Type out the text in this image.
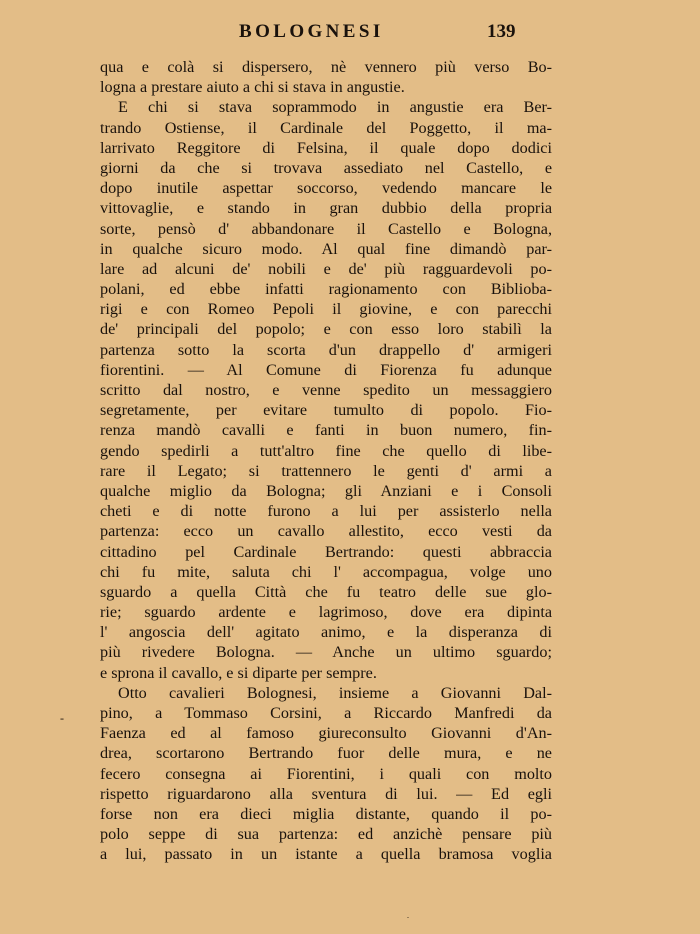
BOLOGNESI	139
qua e colà si dispersero, nè vennero più verso Bo-
logna a prestare aiuto a chi si stava in angustie.
E chi si stava soprammodo in angustie era Ber-
trando Ostiense, il Cardinale del Poggetto, il ma-
larrivato Reggitore di Felsina, il quale dopo dodici
giorni da che si trovava assediato nel Castello, e
dopo inutile aspettar soccorso, vedendo mancare le
vittovaglie, e stando in gran dubbio della propria
sorte, pensò d' abbandonare il Castello e Bologna,
in qualche sicuro modo. Al qual fine dimandò par-
lare ad alcuni de' nobili e de' più ragguardevoli po-
polani, ed ebbe infatti ragionamento con Biblioba-
rigi e con Romeo Pepoli il giovine, e con parecchi
de' principali del popolo; e con esso loro stabilì la
partenza sotto la scorta d'un drappello d' armigeri
fiorentini. — Al Comune di Fiorenza fu adunque
scritto dal nostro, e venne spedito un messaggiero
segretamente, per evitare tumulto di popolo. Fio-
renza mandò cavalli e fanti in buon numero, fin-
gendo spedirli a tutt'altro fine che quello di libe-
rare il Legato; si trattennero le genti d' armi a
qualche miglio da Bologna; gli Anziani e i Consoli
cheti e di notte furono a lui per assisterlo nella
partenza: ecco un cavallo allestito, ecco vesti da
cittadino pel Cardinale Bertrando: questi abbraccia
chi fu mite, saluta chi l' accompagua, volge uno
sguardo a quella Città che fu teatro delle sue glo-
rie; sguardo ardente e lagrimoso, dove era dipinta
l' angoscia dell' agitato animo, e la disperanza di
più rivedere Bologna. — Anche un ultimo sguardo;
e sprona il cavallo, e si diparte per sempre.
Otto cavalieri Bolognesi, insieme a Giovanni Dal-
pino, a Tommaso Corsini, a Riccardo Manfredi da
Faenza ed al famoso giureconsulto Giovanni d'An-
drea, scortarono Bertrando fuor delle mura, e ne
fecero consegna ai Fiorentini, i quali con molto
rispetto riguardarono alla sventura di lui. — Ed egli
forse non era dieci miglia distante, quando il po-
polo seppe di sua partenza: ed anzichè pensare più
a lui, passato in un istante a quella bramosa voglia
-
.
